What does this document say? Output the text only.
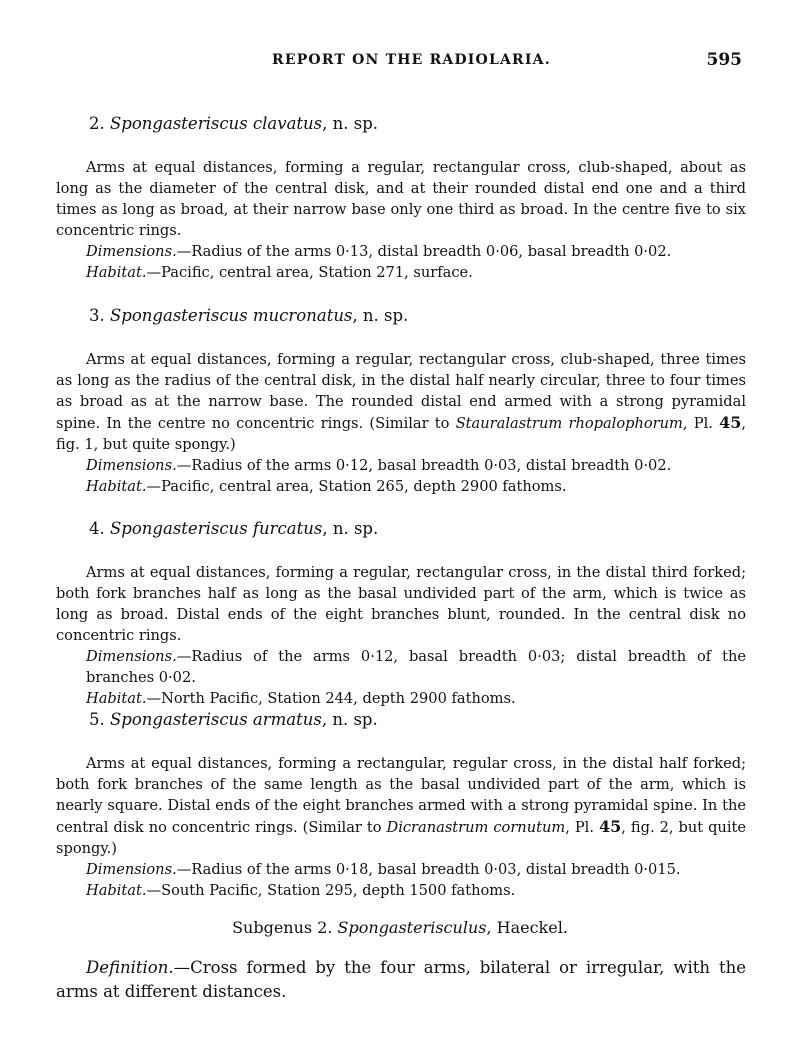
REPORT ON THE RADIOLARIA.	595
2. Spongasteriscus clavatus, n. sp.

Arms at equal distances, forming a regular, rectangular cross, club-shaped, about as long as the diameter of the central disk, and at their rounded distal end one and a third times as long as broad, at their narrow base only one third as broad. In the centre five to six concentric rings.

Dimensions.—Radius of the arms 0·13, distal breadth 0·06, basal breadth 0·02.

Habitat.—Pacific, central area, Station 271, surface.

3. Spongasteriscus mucronatus, n. sp.

Arms at equal distances, forming a regular, rectangular cross, club-shaped, three times as long as the radius of the central disk, in the distal half nearly circular, three to four times as broad as at the narrow base. The rounded distal end armed with a strong pyramidal spine. In the centre no concentric rings. (Similar to Stauralastrum rhopalophorum, Pl. 45, fig. 1, but quite spongy.)

Dimensions.—Radius of the arms 0·12, basal breadth 0·03, distal breadth 0·02.

Habitat.—Pacific, central area, Station 265, depth 2900 fathoms.

4. Spongasteriscus furcatus, n. sp.

Arms at equal distances, forming a regular, rectangular cross, in the distal third forked; both fork branches half as long as the basal undivided part of the arm, which is twice as long as broad. Distal ends of the eight branches blunt, rounded. In the central disk no concentric rings.

Dimensions.—Radius of the arms 0·12, basal breadth 0·03; distal breadth of the branches 0·02.

Habitat.—North Pacific, Station 244, depth 2900 fathoms.

5. Spongasteriscus armatus, n. sp.

Arms at equal distances, forming a rectangular, regular cross, in the distal half forked; both fork branches of the same length as the basal undivided part of the arm, which is nearly square. Distal ends of the eight branches armed with a strong pyramidal spine. In the central disk no concentric rings. (Similar to Dicranastrum cornutum, Pl. 45, fig. 2, but quite spongy.)

Dimensions.—Radius of the arms 0·18, basal breadth 0·03, distal breadth 0·015.

Habitat.—South Pacific, Station 295, depth 1500 fathoms.

Subgenus 2. Spongasterisculus, Haeckel.
Definition.—Cross formed by the four arms, bilateral or irregular, with the arms at different distances.
